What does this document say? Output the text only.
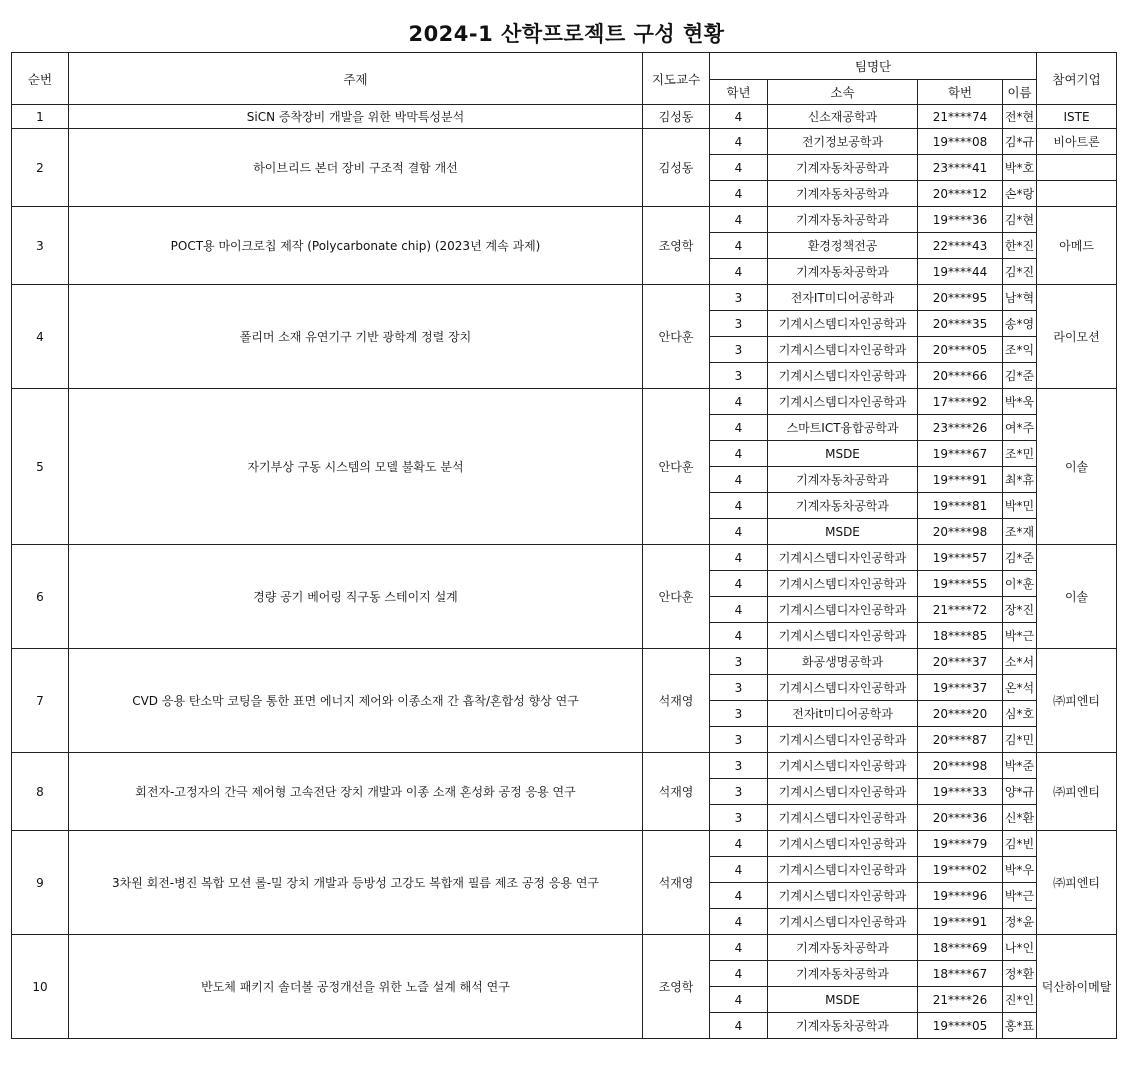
2024-1 산학프로젝트 구성 현황
순번	주제	지도교수	팀명단				참여기업
			학년	소속	학번	이름	
1	SiCN 증착장비 개발을 위한 박막특성분석	김성동	4	신소재공학과	21****74	전*현	ISTE
2	하이브리드 본더 장비 구조적 결함 개선	김성동	4	전기정보공학과	19****08	김*규	비아트론
			4	기계자동차공학과	23****41	박*호	
			4	기계자동차공학과	20****12	손*랑	
3	POCT용 마이크로칩 제작 (Polycarbonate chip) (2023년 계속 과제)	조영학	4	기계자동차공학과	19****36	김*현	아메드
			4	환경정책전공	22****43	한*진	
			4	기계자동차공학과	19****44	김*진	
4	폴리머 소재 유연기구 기반 광학계 정렬 장치	안다훈	3	전자IT미디어공학과	20****95	남*혁	라이모션
			3	기계시스템디자인공학과	20****35	송*영	
			3	기계시스템디자인공학과	20****05	조*익	
			3	기계시스템디자인공학과	20****66	김*준	
5	자기부상 구동 시스템의 모델 불확도 분석	안다훈	4	기계시스템디자인공학과	17****92	박*욱	이솔
			4	스마트ICT융합공학과	23****26	여*주	
			4	MSDE	19****67	조*민	
			4	기계자동차공학과	19****91	최*휴	
			4	기계자동차공학과	19****81	박*민	
			4	MSDE	20****98	조*재	
6	경량 공기 베어링 직구동 스테이지 설계	안다훈	4	기계시스템디자인공학과	19****57	김*준	이솔
			4	기계시스템디자인공학과	19****55	이*훈	
			4	기계시스템디자인공학과	21****72	장*진	
			4	기계시스템디자인공학과	18****85	박*근	
7	CVD 응용 탄소막 코팅을 통한 표면 에너지 제어와 이종소재 간 흡착/혼합성 향상 연구	석재영	3	화공생명공학과	20****37	소*서	㈜피엔티
			3	기계시스템디자인공학과	19****37	온*석	
			3	전자it미디어공학과	20****20	심*호	
			3	기계시스템디자인공학과	20****87	김*민	
8	회전자-고정자의 간극 제어형 고속전단 장치 개발과 이종 소재 혼성화 공정 응용 연구	석재영	3	기계시스템디자인공학과	20****98	박*준	㈜피엔티
			3	기계시스템디자인공학과	19****33	양*규	
			3	기계시스템디자인공학과	20****36	신*환	
9	3차원 회전-병진 복합 모션 롤-밀 장치 개발과 등방성 고강도 복합재 필름 제조 공정 응용 연구	석재영	4	기계시스템디자인공학과	19****79	김*빈	㈜피엔티
			4	기계시스템디자인공학과	19****02	박*우	
			4	기계시스템디자인공학과	19****96	박*근	
			4	기계시스템디자인공학과	19****91	정*윤	
10	반도체 패키지 솔더볼 공정개선을 위한 노즐 설계 해석 연구	조영학	4	기계자동차공학과	18****69	나*인	덕산하이메탈
			4	기계자동차공학과	18****67	정*환	
			4	MSDE	21****26	진*인	
			4	기계자동차공학과	19****05	홍*표	
